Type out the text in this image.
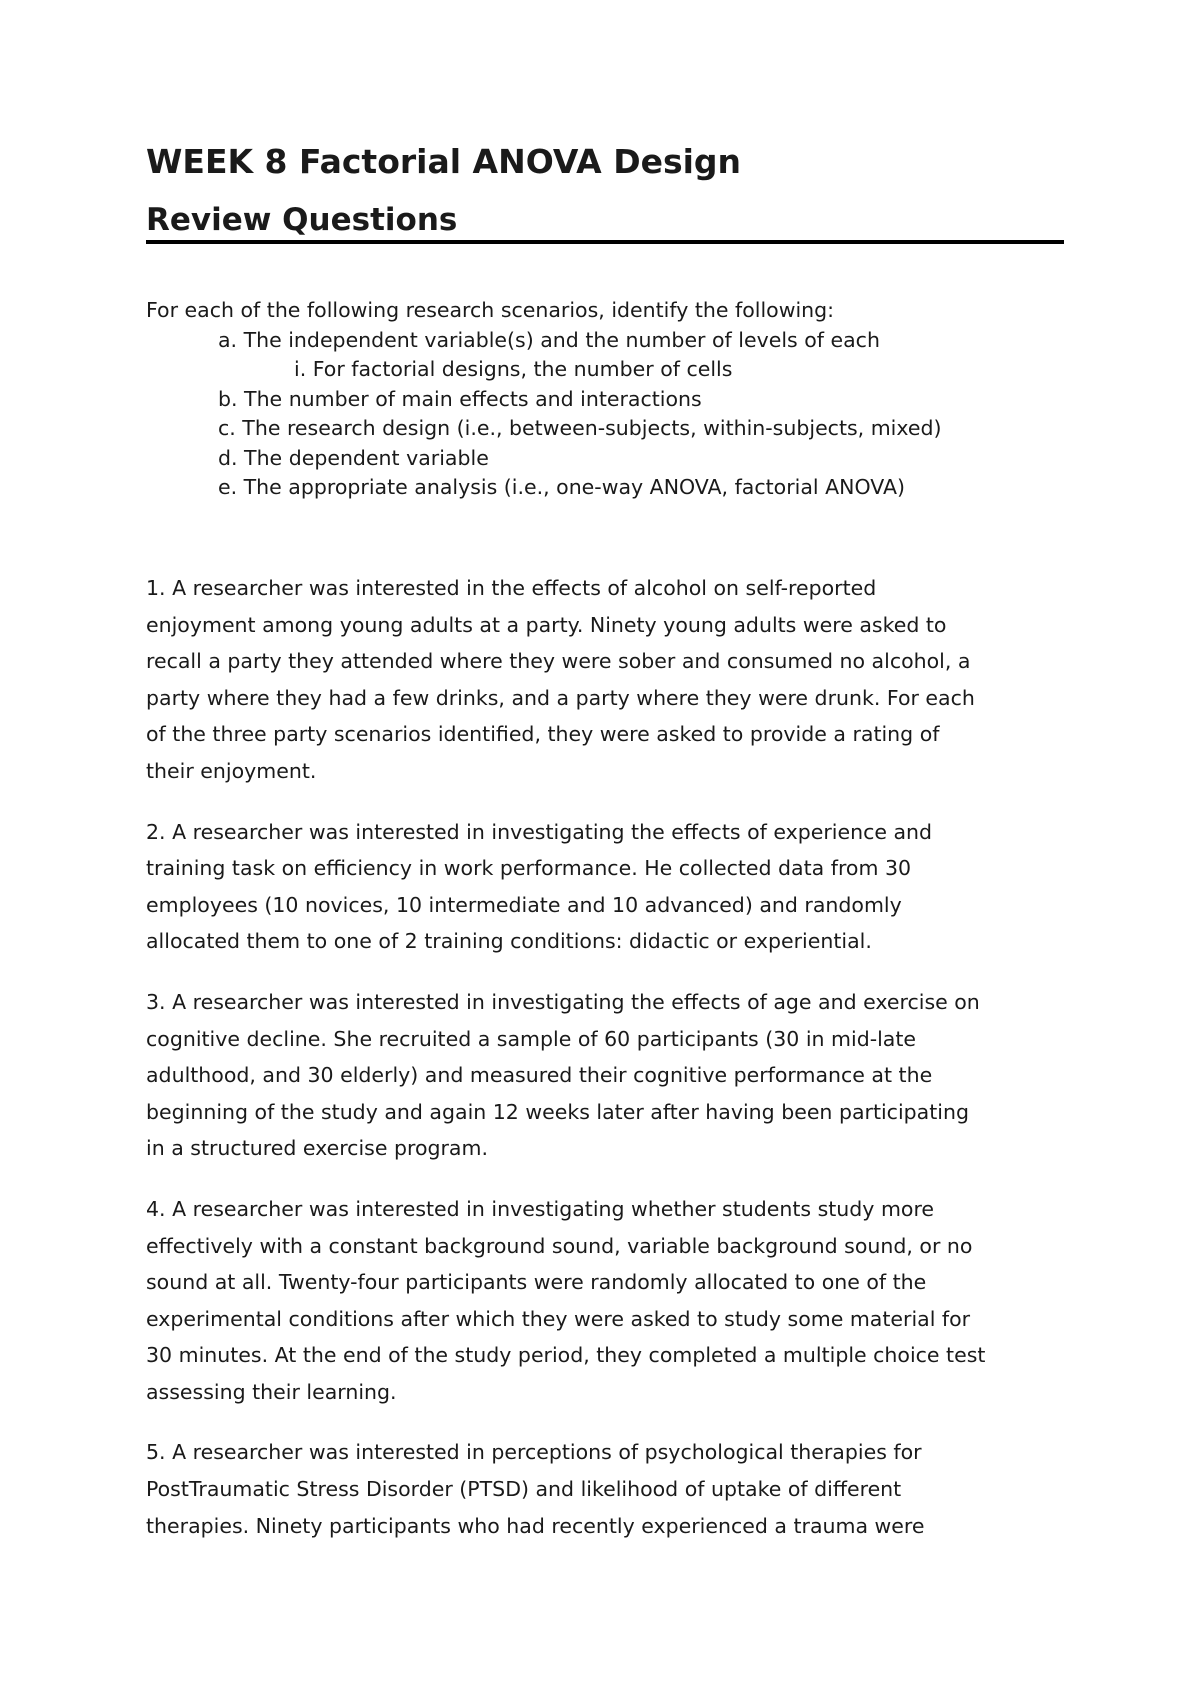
WEEK 8 Factorial ANOVA Design
Review Questions
For each of the following research scenarios, identify the following:
a. The independent variable(s) and the number of levels of each
i. For factorial designs, the number of cells
b. The number of main effects and interactions
c. The research design (i.e., between-subjects, within-subjects, mixed)
d. The dependent variable
e. The appropriate analysis (i.e., one-way ANOVA, factorial ANOVA)
1. A researcher was interested in the effects of alcohol on self-reported
enjoyment among young adults at a party. Ninety young adults were asked to
recall a party they attended where they were sober and consumed no alcohol, a
party where they had a few drinks, and a party where they were drunk. For each
of the three party scenarios identified, they were asked to provide a rating of
their enjoyment.
2. A researcher was interested in investigating the effects of experience and
training task on efficiency in work performance. He collected data from 30
employees (10 novices, 10 intermediate and 10 advanced) and randomly
allocated them to one of 2 training conditions: didactic or experiential.
3. A researcher was interested in investigating the effects of age and exercise on
cognitive decline. She recruited a sample of 60 participants (30 in mid-late
adulthood, and 30 elderly) and measured their cognitive performance at the
beginning of the study and again 12 weeks later after having been participating
in a structured exercise program.
4. A researcher was interested in investigating whether students study more
effectively with a constant background sound, variable background sound, or no
sound at all. Twenty-four participants were randomly allocated to one of the
experimental conditions after which they were asked to study some material for
30 minutes. At the end of the study period, they completed a multiple choice test
assessing their learning.
5. A researcher was interested in perceptions of psychological therapies for
PostTraumatic Stress Disorder (PTSD) and likelihood of uptake of different
therapies. Ninety participants who had recently experienced a trauma were
